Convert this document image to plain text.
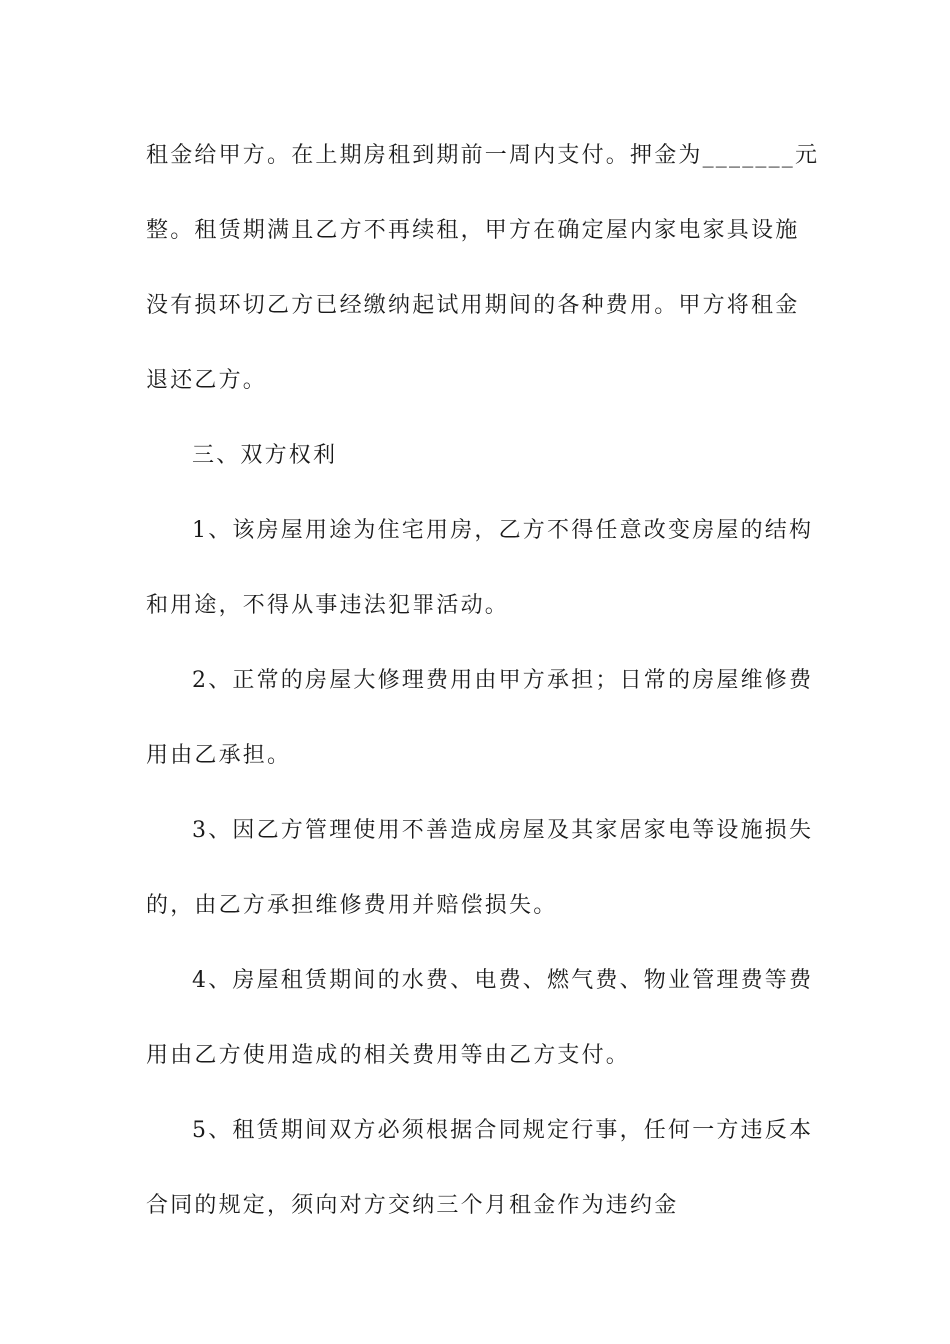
租金给甲方。在上期房租到期前一周内支付。押金为_______元
整。租赁期满且乙方不再续租，甲方在确定屋内家电家具设施
没有损环切乙方已经缴纳起试用期间的各种费用。甲方将租金
退还乙方。
三、双方权利
1、该房屋用途为住宅用房，乙方不得任意改变房屋的结构
和用途，不得从事违法犯罪活动。
2、正常的房屋大修理费用由甲方承担；日常的房屋维修费
用由乙承担。
3、因乙方管理使用不善造成房屋及其家居家电等设施损失
的，由乙方承担维修费用并赔偿损失。
4、房屋租赁期间的水费、电费、燃气费、物业管理费等费
用由乙方使用造成的相关费用等由乙方支付。
5、租赁期间双方必须根据合同规定行事，任何一方违反本
合同的规定，须向对方交纳三个月租金作为违约金
